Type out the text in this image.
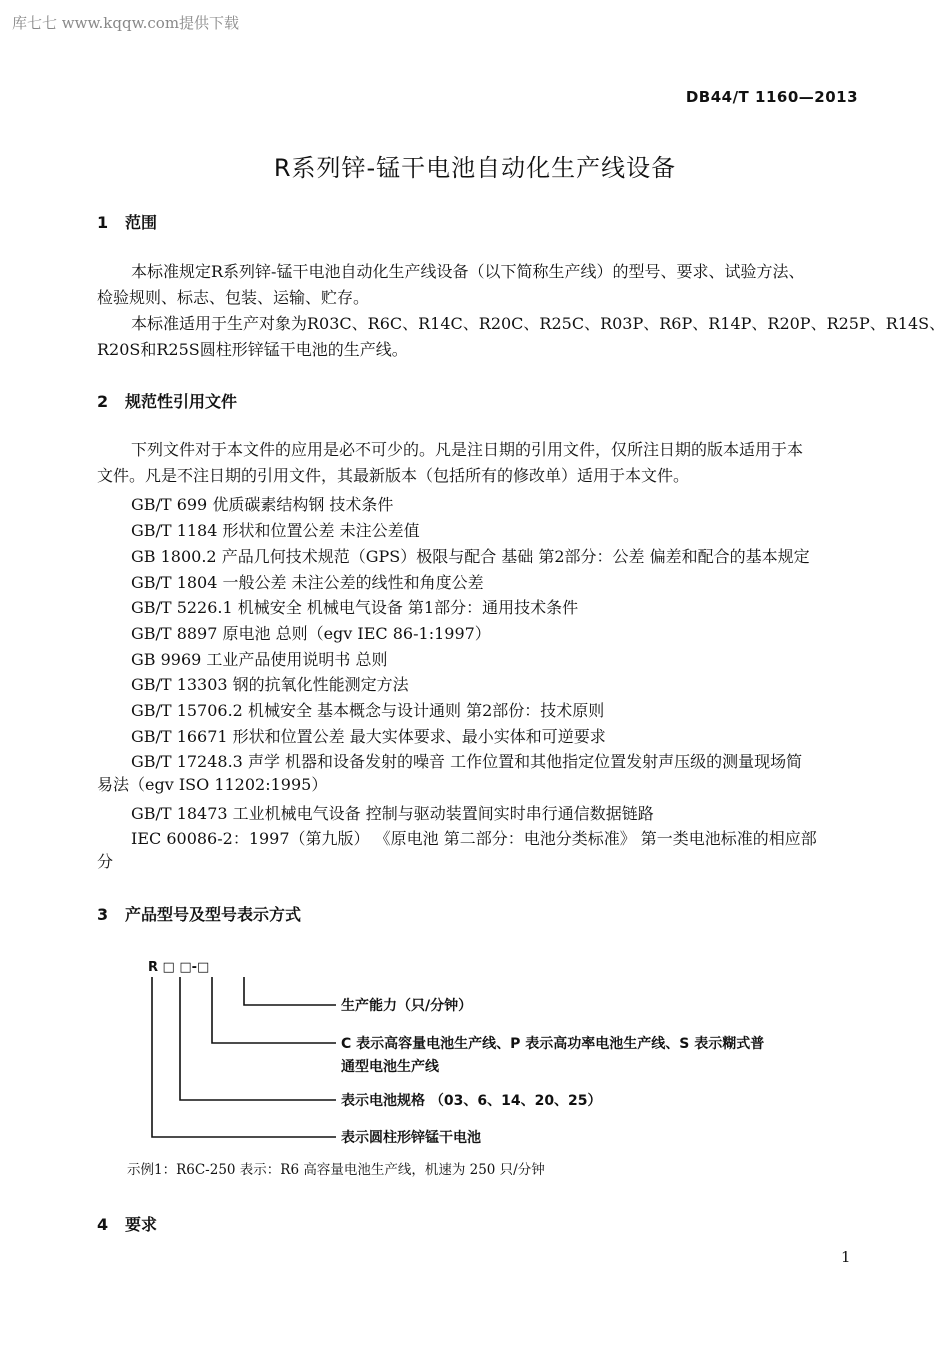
库七七 www.kqqw.com提供下载
DB44/T 1160—2013
R系列锌-锰干电池自动化生产线设备
1 范围
本标准规定R系列锌-锰干电池自动化生产线设备（以下简称生产线）的型号、要求、试验方法、
检验规则、标志、包装、运输、贮存。
本标准适用于生产对象为R03C、R6C、R14C、R20C、R25C、R03P、R6P、R14P、R20P、R25P、R14S、
R20S和R25S圆柱形锌锰干电池的生产线。
2 规范性引用文件
下列文件对于本文件的应用是必不可少的。凡是注日期的引用文件，仅所注日期的版本适用于本
文件。凡是不注日期的引用文件，其最新版本（包括所有的修改单）适用于本文件。
GB/T 699 优质碳素结构钢 技术条件
GB/T 1184 形状和位置公差 未注公差值
GB 1800.2 产品几何技术规范（GPS）极限与配合 基础 第2部分：公差 偏差和配合的基本规定
GB/T 1804 一般公差 未注公差的线性和角度公差
GB/T 5226.1 机械安全 机械电气设备 第1部分：通用技术条件
GB/T 8897 原电池 总则（egv IEC 86-1:1997）
GB 9969 工业产品使用说明书 总则
GB/T 13303 钢的抗氧化性能测定方法
GB/T 15706.2 机械安全 基本概念与设计通则 第2部份：技术原则
GB/T 16671 形状和位置公差 最大实体要求、最小实体和可逆要求
GB/T 17248.3 声学 机器和设备发射的噪音 工作位置和其他指定位置发射声压级的测量现场简
易法（egv ISO 11202:1995）
GB/T 18473 工业机械电气设备 控制与驱动装置间实时串行通信数据链路
IEC 60086-2：1997（第九版） 《原电池 第二部分：电池分类标准》 第一类电池标准的相应部
分
3 产品型号及型号表示方式
R □ □-□
生产能力（只/分钟）
C 表示高容量电池生产线、P 表示高功率电池生产线、S 表示糊式普
通型电池生产线
表示电池规格 （03、6、14、20、25）
表示圆柱形锌锰干电池
示例1：R6C-250 表示：R6 高容量电池生产线，机速为 250 只/分钟
4 要求
1
